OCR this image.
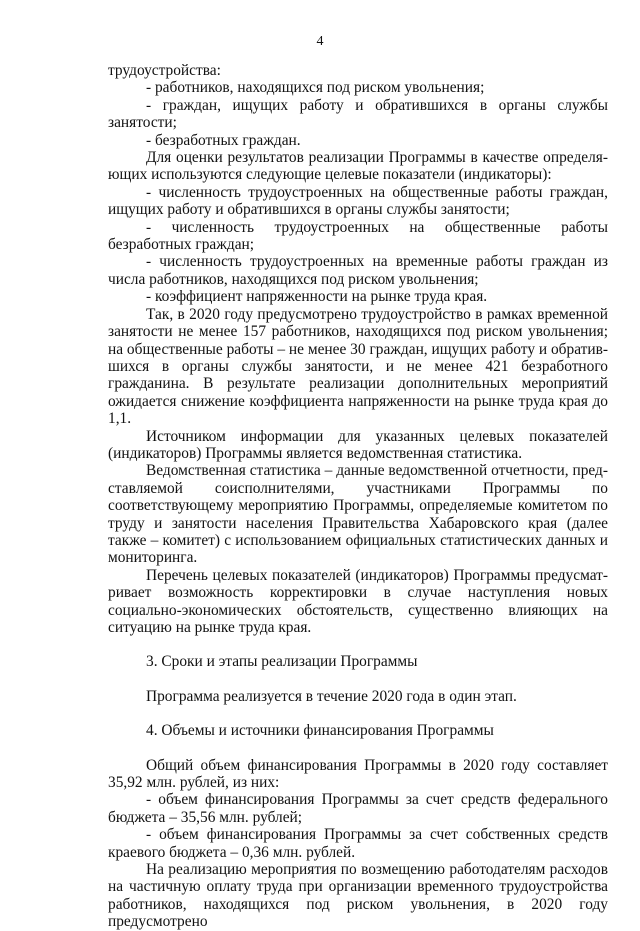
4

трудоустройства:

- работников, находящихся под риском увольнения;

- граждан, ищущих работу и обратившихся в органы службы занятости;

- безработных граждан.

Для оценки результатов реализации Программы в качестве определяющих используются следующие целевые показатели (индикаторы):

- численность трудоустроенных на общественные работы граждан, ищущих работу и обратившихся в органы службы занятости;

- численность трудоустроенных на общественные работы безработных граждан;

- численность трудоустроенных на временные работы граждан из числа работников, находящихся под риском увольнения;

- коэффициент напряженности на рынке труда края.

Так, в 2020 году предусмотрено трудоустройство в рамках временной занятости не менее 157 работников, находящихся под риском увольнения; на общественные работы – не менее 30 граждан, ищущих работу и обратившихся в органы службы занятости, и не менее 421 безработного гражданина. В результате реализации дополнительных мероприятий ожидается снижение коэффициента напряженности на рынке труда края до 1,1.

Источником информации для указанных целевых показателей (индикаторов) Программы является ведомственная статистика.

Ведомственная статистика – данные ведомственной отчетности, представляемой соисполнителями, участниками Программы по соответствующему мероприятию Программы, определяемые комитетом по труду и занятости населения Правительства Хабаровского края (далее также – комитет) с использованием официальных статистических данных и мониторинга.

Перечень целевых показателей (индикаторов) Программы предусматривает возможность корректировки в случае наступления новых социально-экономических обстоятельств, существенно влияющих на ситуацию на рынке труда края.

3. Сроки и этапы реализации Программы

Программа реализуется в течение 2020 года в один этап.

4. Объемы и источники финансирования Программы

Общий объем финансирования Программы в 2020 году составляет 35,92 млн. рублей, из них:

- объем финансирования Программы за счет средств федерального бюджета – 35,56 млн. рублей;

- объем финансирования Программы за счет собственных средств краевого бюджета – 0,36 млн. рублей.

На реализацию мероприятия по возмещению работодателям расходов на частичную оплату труда при организации временного трудоустройства работников, находящихся под риском увольнения, в 2020 году предусмотрено
